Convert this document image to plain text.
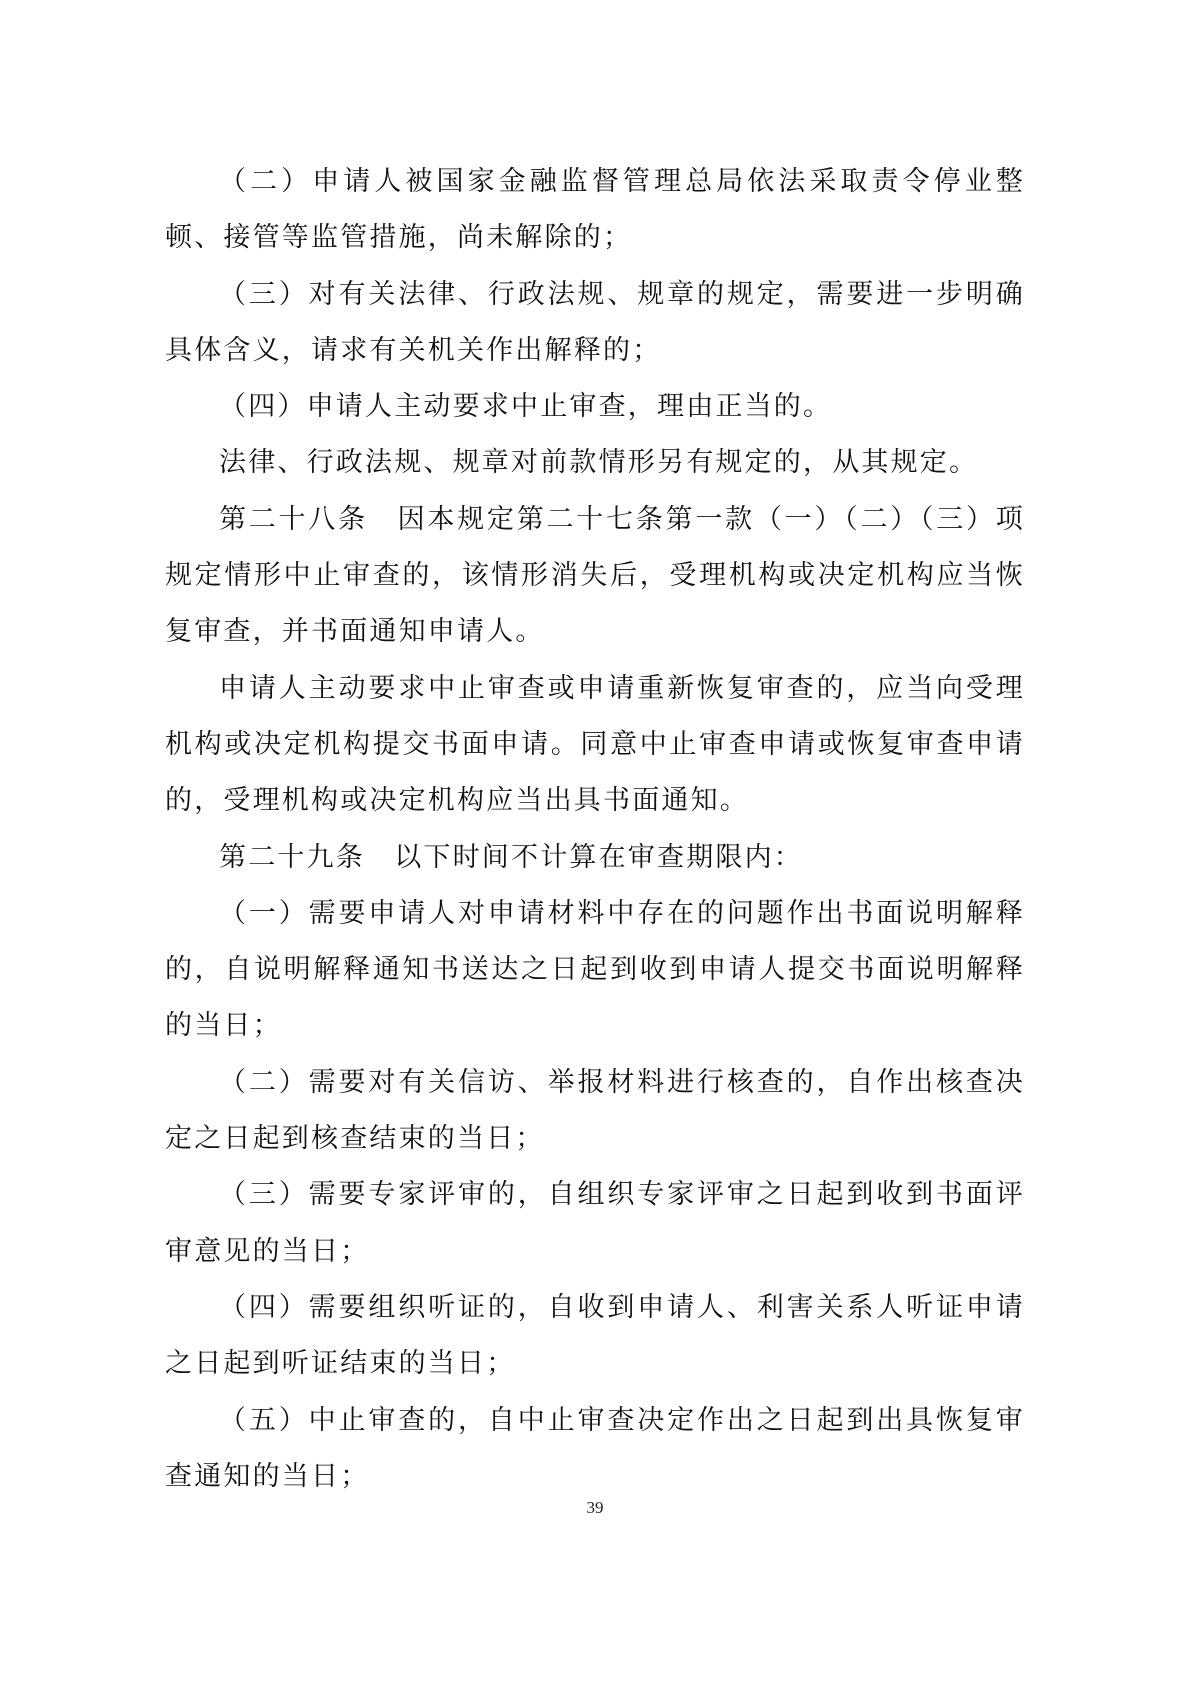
（二）申请人被国家金融监督管理总局依法采取责令停业整顿、接管等监管措施，尚未解除的；

（三）对有关法律、行政法规、规章的规定，需要进一步明确具体含义，请求有关机关作出解释的；

（四）申请人主动要求中止审查，理由正当的。

法律、行政法规、规章对前款情形另有规定的，从其规定。

第二十八条　因本规定第二十七条第一款（一）（二）（三）项规定情形中止审查的，该情形消失后，受理机构或决定机构应当恢复审查，并书面通知申请人。

申请人主动要求中止审查或申请重新恢复审查的，应当向受理机构或决定机构提交书面申请。同意中止审查申请或恢复审查申请的，受理机构或决定机构应当出具书面通知。

第二十九条　以下时间不计算在审查期限内：

（一）需要申请人对申请材料中存在的问题作出书面说明解释的，自说明解释通知书送达之日起到收到申请人提交书面说明解释的当日；

（二）需要对有关信访、举报材料进行核查的，自作出核查决定之日起到核查结束的当日；

（三）需要专家评审的，自组织专家评审之日起到收到书面评审意见的当日；

（四）需要组织听证的，自收到申请人、利害关系人听证申请之日起到听证结束的当日；

（五）中止审查的，自中止审查决定作出之日起到出具恢复审查通知的当日；

39
